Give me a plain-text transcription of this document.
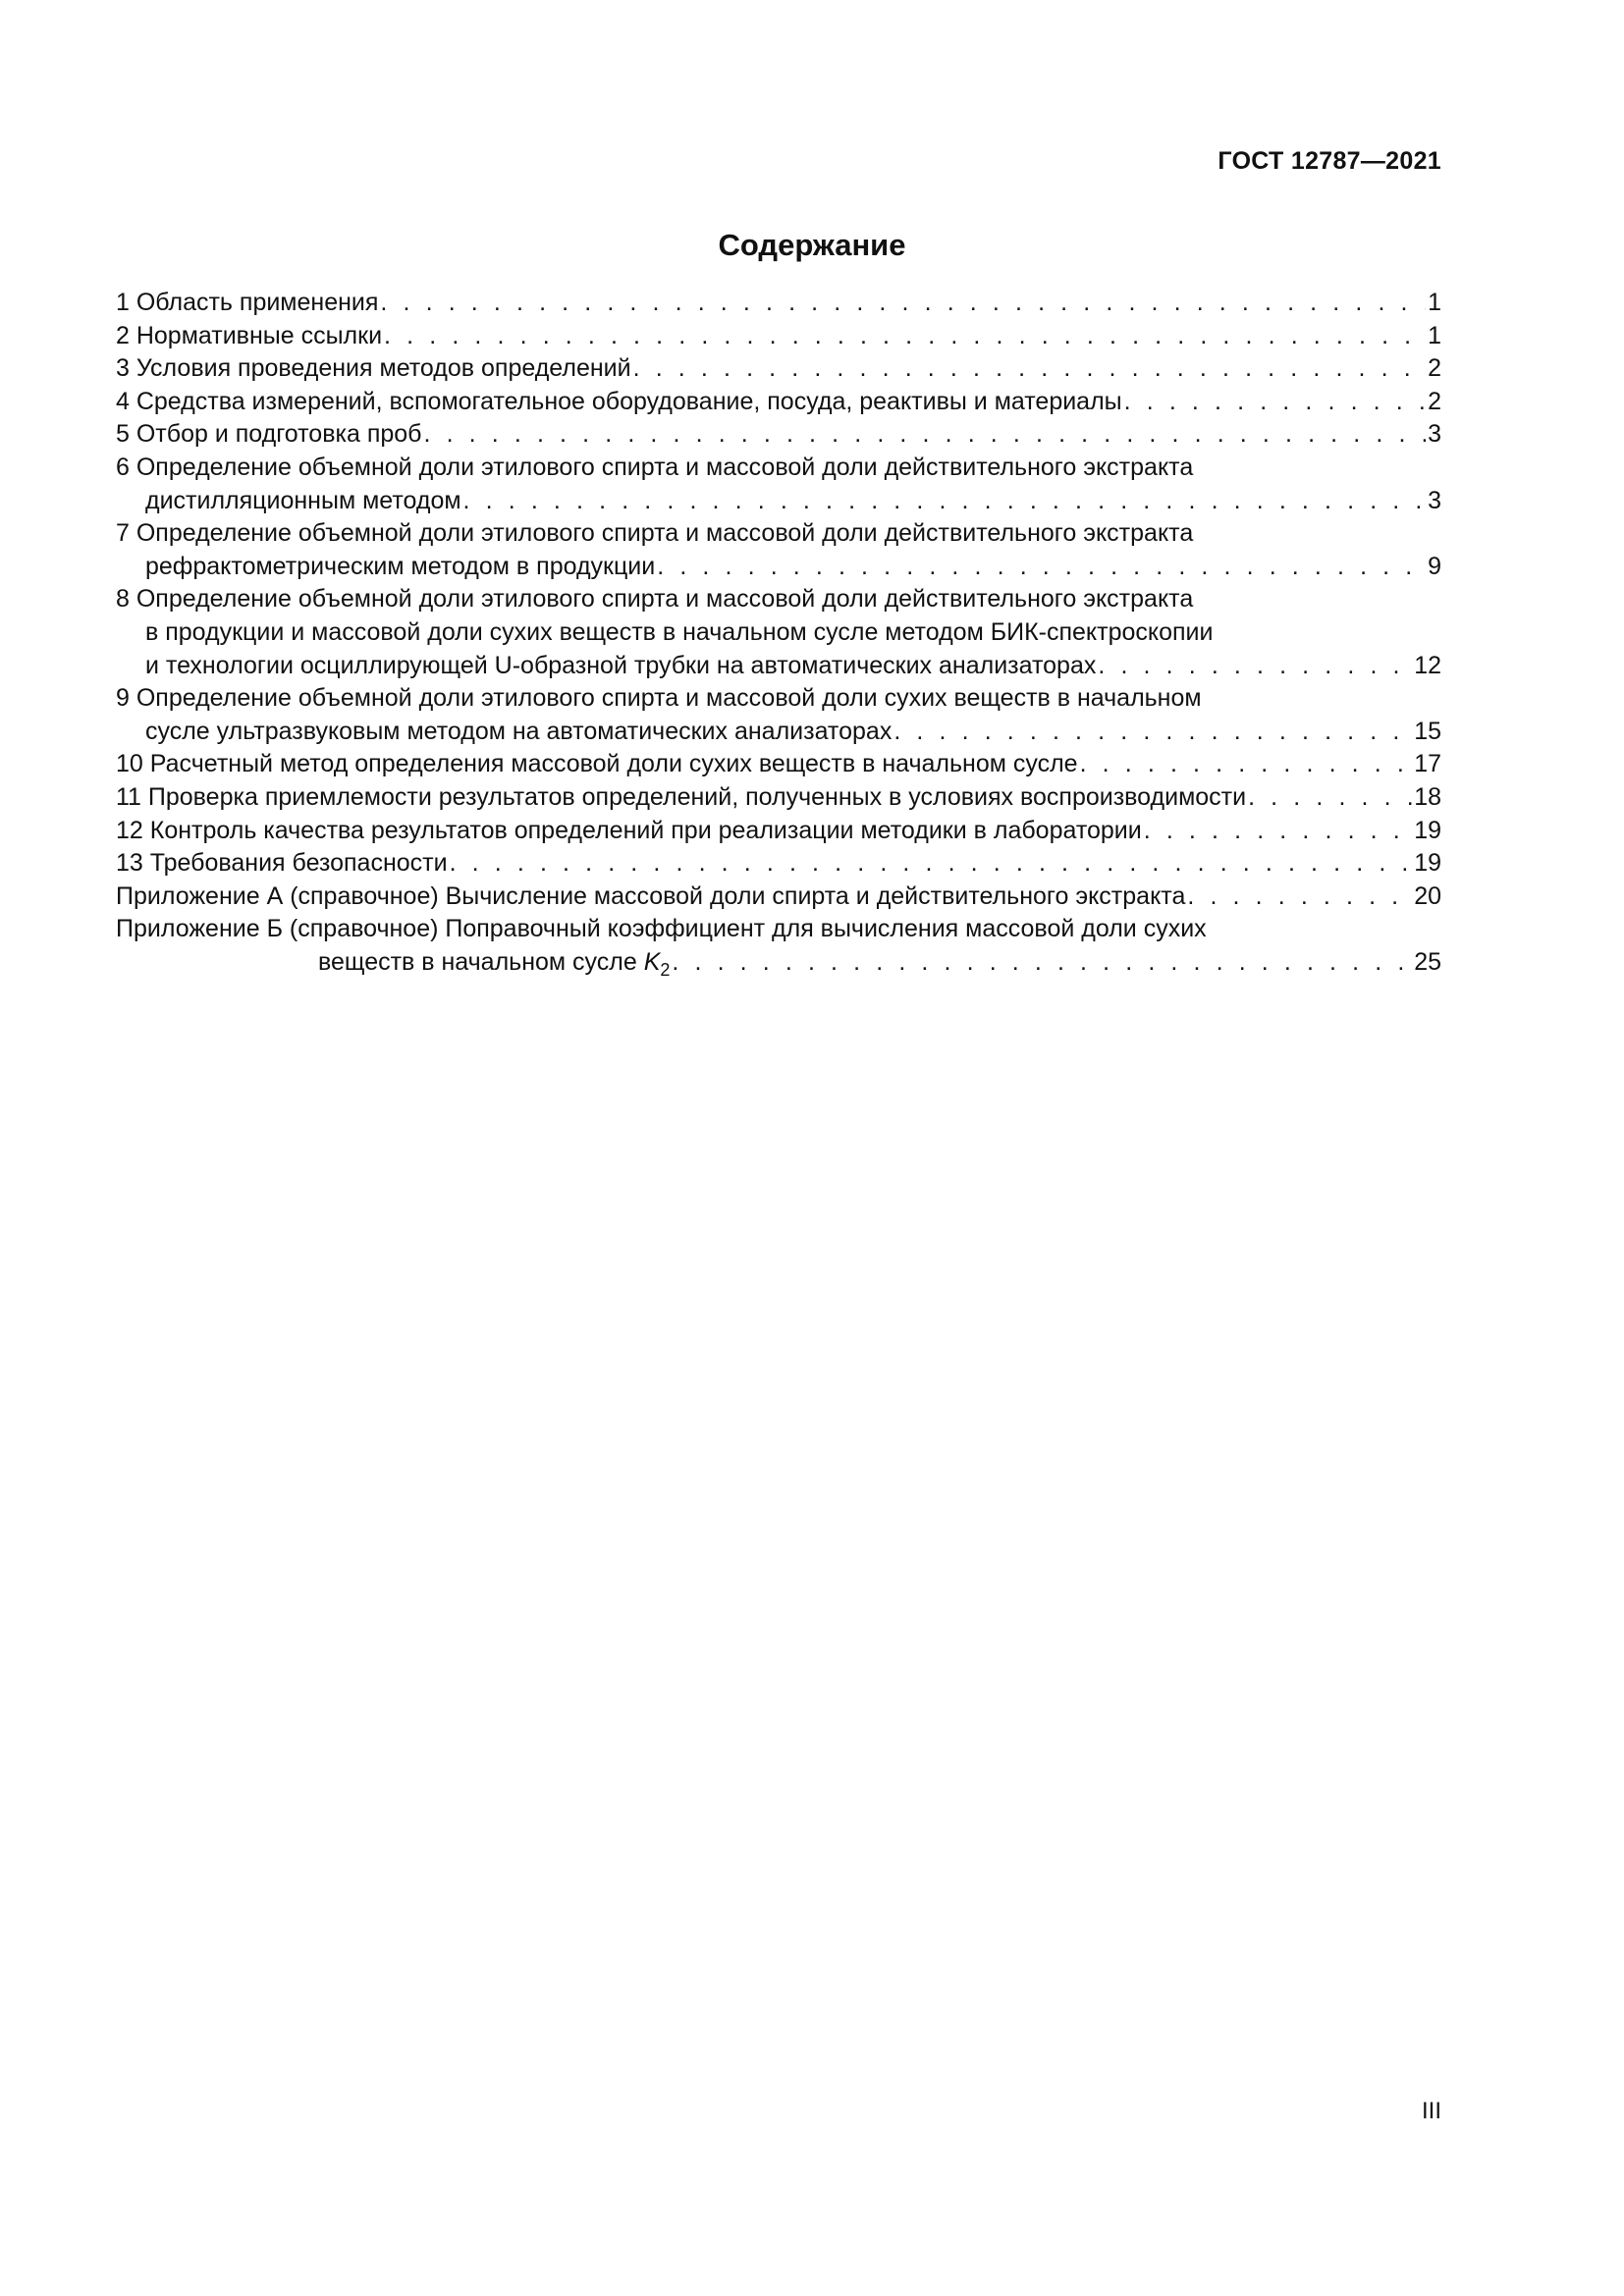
ГОСТ 12787—2021
Содержание
1 Область применения . . .	1
2 Нормативные ссылки . . .	1
3 Условия проведения методов определений . . .	2
4 Средства измерений, вспомогательное оборудование, посуда, реактивы и материалы . . .	2
5 Отбор и подготовка проб . . .	3
6 Определение объемной доли этилового спирта и массовой доли действительного экстракта
дистилляционным методом . . .	3
7 Определение объемной доли этилового спирта и массовой доли действительного экстракта
рефрактометрическим методом в продукции . . .	9
8 Определение объемной доли этилового спирта и массовой доли действительного экстракта
в продукции и массовой доли сухих веществ в начальном сусле методом БИК-спектроскопии
и технологии осциллирующей U-образной трубки на автоматических анализаторах . . .	12
9 Определение объемной доли этилового спирта и массовой доли сухих веществ в начальном
сусле ультразвуковым методом на автоматических анализаторах . . .	15
10 Расчетный метод определения массовой доли сухих веществ в начальном сусле . . .	17
11 Проверка приемлемости результатов определений, полученных в условиях воспроизводимости . . .	18
12 Контроль качества результатов определений при реализации методики в лаборатории . . .	19
13 Требования безопасности . . .	19
Приложение А (справочное) Вычисление массовой доли спирта и действительного экстракта . . .	20
Приложение Б (справочное) Поправочный коэффициент для вычисления массовой доли сухих
веществ в начальном сусле $K_2$ . . .	25
III
